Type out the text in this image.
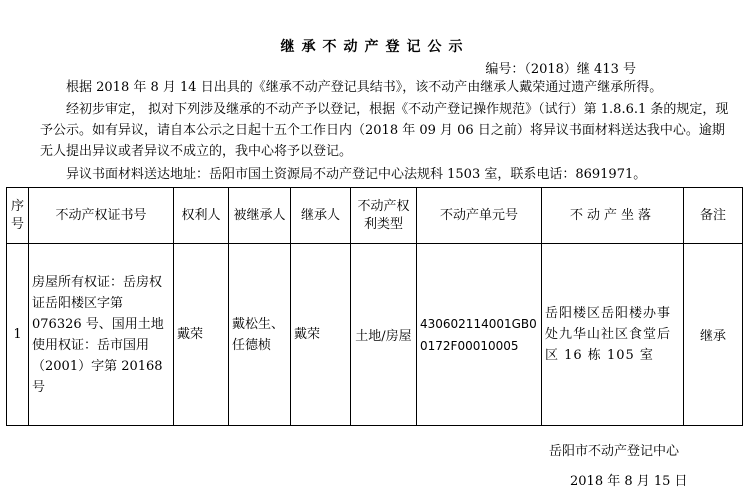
继承不动产登记公示
编号：（2018）继 413 号
根据 2018 年 8 月 14 日出具的《继承不动产登记具结书》，该不动产由继承人戴荣通过遗产继承所得。
经初步审定， 拟对下列涉及继承的不动产予以登记，根据《不动产登记操作规范》（试行）第 1.8.6.1 条的规定，现予公示。如有异议，请自本公示之日起十五个工作日内（2018 年 09 月 06 日之前）将异议书面材料送达我中心。逾期无人提出异议或者异议不成立的，我中心将予以登记。
异议书面材料送达地址：岳阳市国土资源局不动产登记中心法规科 1503 室，联系电话：8691971。
序号	不动产权证书号	权利人	被继承人	继承人	不动产权利类型	不动产单元号	不动产坐落	备注
1	房屋所有权证：岳房权证岳阳楼区字第 076326 号、国用土地使用权证：岳市国用（2001）字第 20168 号	戴荣	戴松生、任德桢	戴荣	土地/房屋	430602114001GB00172F00010005	岳阳楼区岳阳楼办事处九华山社区食堂后区 16 栋 105 室	继承
岳阳市不动产登记中心
2018 年 8 月 15 日
